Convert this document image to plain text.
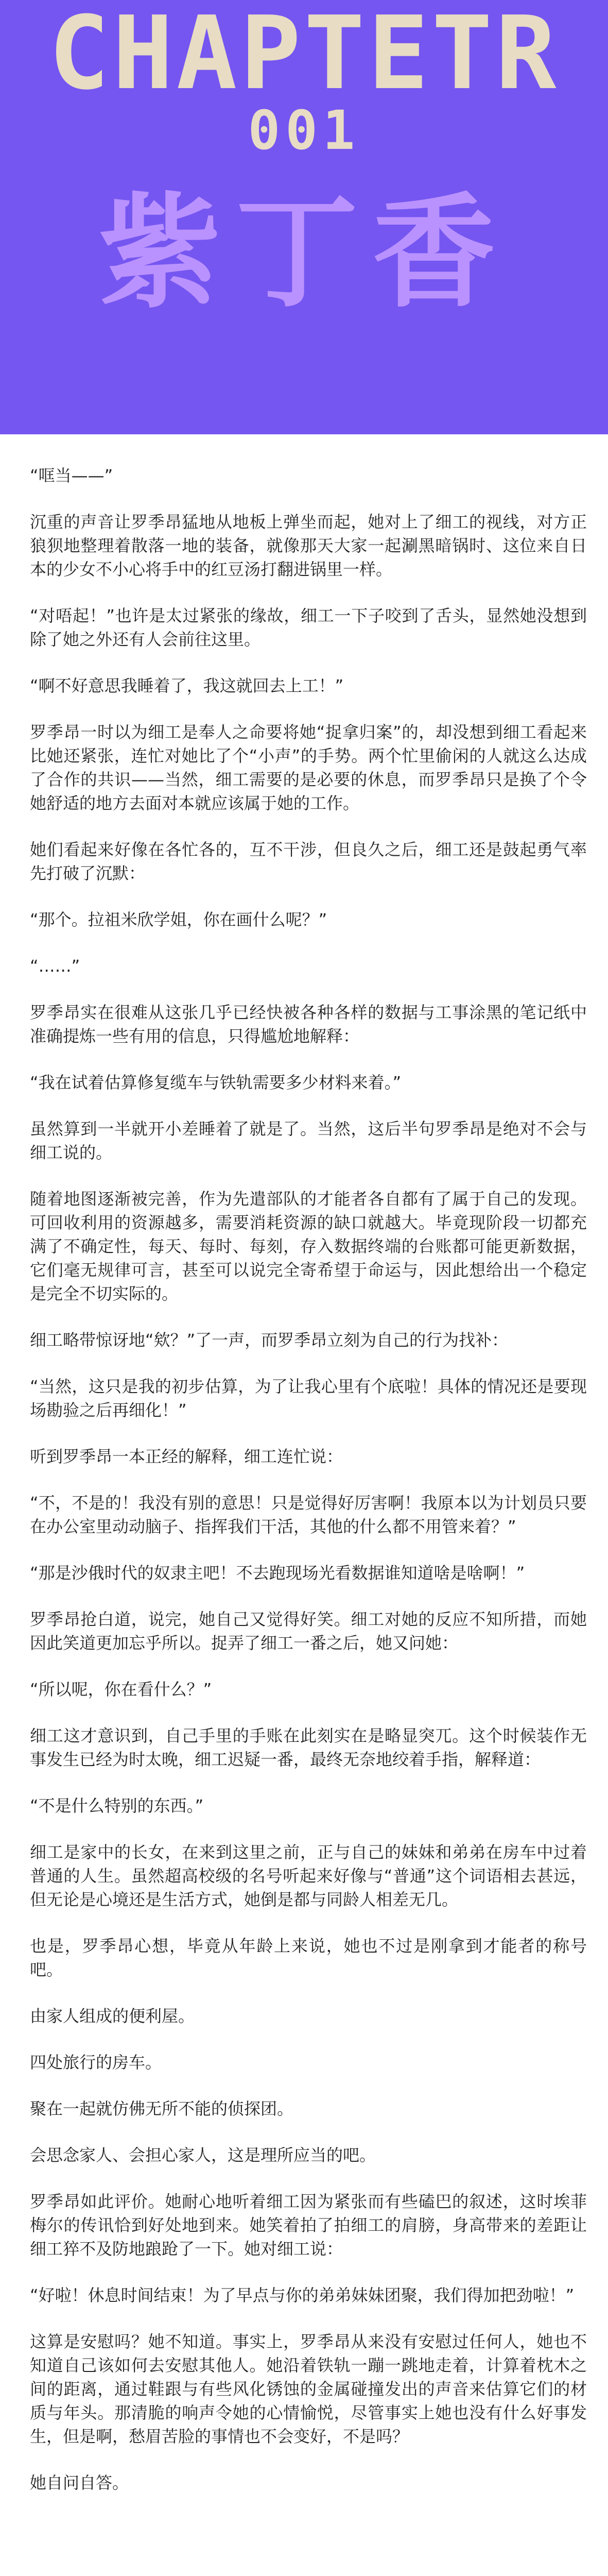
CHAPTETR
001
紫丁香

“哐当——”

沉重的声音让罗季昂猛地从地板上弹坐而起，她对上了细工的视线，对方正狼狈地整理着散落一地的装备，就像那天大家一起涮黑暗锅时、这位来自日本的少女不小心将手中的红豆汤打翻进锅里一样。

“对唔起！”也许是太过紧张的缘故，细工一下子咬到了舌头，显然她没想到除了她之外还有人会前往这里。

“啊不好意思我睡着了，我这就回去上工！”

罗季昂一时以为细工是奉人之命要将她“捉拿归案”的，却没想到细工看起来比她还紧张，连忙对她比了个“小声”的手势。两个忙里偷闲的人就这么达成了合作的共识——当然，细工需要的是必要的休息，而罗季昂只是换了个令她舒适的地方去面对本就应该属于她的工作。

她们看起来好像在各忙各的，互不干涉，但良久之后，细工还是鼓起勇气率先打破了沉默：

“那个。拉祖米欣学姐，你在画什么呢？”

“……”

罗季昂实在很难从这张几乎已经快被各种各样的数据与工事涂黑的笔记纸中准确提炼一些有用的信息，只得尴尬地解释：

“我在试着估算修复缆车与铁轨需要多少材料来着。”

虽然算到一半就开小差睡着了就是了。当然，这后半句罗季昂是绝对不会与细工说的。

随着地图逐渐被完善，作为先遣部队的才能者各自都有了属于自己的发现。可回收利用的资源越多，需要消耗资源的缺口就越大。毕竟现阶段一切都充满了不确定性，每天、每时、每刻，存入数据终端的台账都可能更新数据，它们毫无规律可言，甚至可以说完全寄希望于命运与，因此想给出一个稳定是完全不切实际的。

细工略带惊讶地“欸？”了一声，而罗季昂立刻为自己的行为找补：

“当然，这只是我的初步估算，为了让我心里有个底啦！具体的情况还是要现场勘验之后再细化！”

听到罗季昂一本正经的解释，细工连忙说：

“不，不是的！我没有别的意思！只是觉得好厉害啊！我原本以为计划员只要在办公室里动动脑子、指挥我们干活，其他的什么都不用管来着？”

“那是沙俄时代的奴隶主吧！不去跑现场光看数据谁知道啥是啥啊！”

罗季昂抢白道，说完，她自己又觉得好笑。细工对她的反应不知所措，而她因此笑道更加忘乎所以。捉弄了细工一番之后，她又问她：

“所以呢，你在看什么？”

细工这才意识到，自己手里的手账在此刻实在是略显突兀。这个时候装作无事发生已经为时太晚，细工迟疑一番，最终无奈地绞着手指，解释道：

“不是什么特别的东西。”

细工是家中的长女，在来到这里之前，正与自己的妹妹和弟弟在房车中过着普通的人生。虽然超高校级的名号听起来好像与“普通”这个词语相去甚远，但无论是心境还是生活方式，她倒是都与同龄人相差无几。

也是，罗季昂心想，毕竟从年龄上来说，她也不过是刚拿到才能者的称号吧。

由家人组成的便利屋。

四处旅行的房车。

聚在一起就仿佛无所不能的侦探团。

会思念家人、会担心家人，这是理所应当的吧。

罗季昂如此评价。她耐心地听着细工因为紧张而有些磕巴的叙述，这时埃菲梅尔的传讯恰到好处地到来。她笑着拍了拍细工的肩膀，身高带来的差距让细工猝不及防地踉跄了一下。她对细工说：

“好啦！休息时间结束！为了早点与你的弟弟妹妹团聚，我们得加把劲啦！”

这算是安慰吗？她不知道。事实上，罗季昂从来没有安慰过任何人，她也不知道自己该如何去安慰其他人。她沿着铁轨一蹦一跳地走着，计算着枕木之间的距离，通过鞋跟与有些风化锈蚀的金属碰撞发出的声音来估算它们的材质与年头。那清脆的响声令她的心情愉悦，尽管事实上她也没有什么好事发生，但是啊，愁眉苦脸的事情也不会变好，不是吗？

她自问自答。
